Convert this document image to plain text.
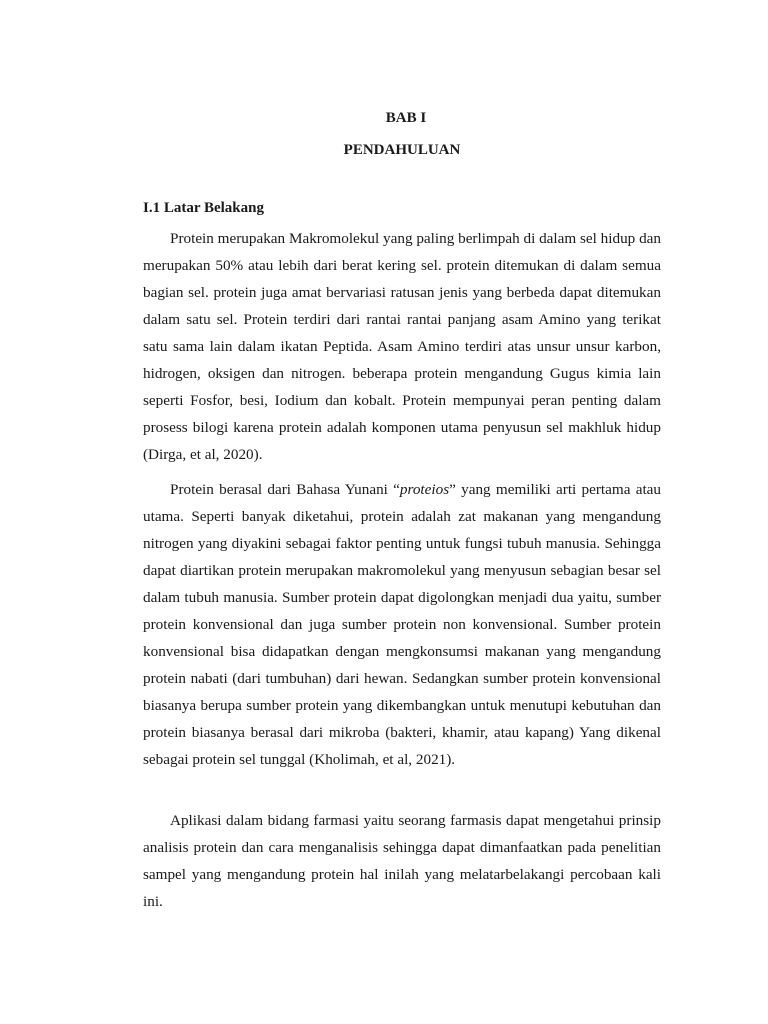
BAB I
PENDAHULUAN
I.1 Latar Belakang

Protein merupakan Makromolekul yang paling berlimpah di dalam sel hidup dan merupakan 50% atau lebih dari berat kering sel. protein ditemukan di dalam semua bagian sel. protein juga amat bervariasi ratusan jenis yang berbeda dapat ditemukan dalam satu sel. Protein terdiri dari rantai rantai panjang asam Amino yang terikat satu sama lain dalam ikatan Peptida. Asam Amino terdiri atas unsur unsur karbon, hidrogen, oksigen dan nitrogen. beberapa protein mengandung Gugus kimia lain seperti Fosfor, besi, Iodium dan kobalt. Protein mempunyai peran penting dalam prosess bilogi karena protein adalah komponen utama penyusun sel makhluk hidup (Dirga, et al, 2020).

Protein berasal dari Bahasa Yunani “proteios” yang memiliki arti pertama atau utama. Seperti banyak diketahui, protein adalah zat makanan yang mengandung nitrogen yang diyakini sebagai faktor penting untuk fungsi tubuh manusia. Sehingga dapat diartikan protein merupakan makromolekul yang menyusun sebagian besar sel dalam tubuh manusia. Sumber protein dapat digolongkan menjadi dua yaitu, sumber protein konvensional dan juga sumber protein non konvensional. Sumber protein konvensional bisa didapatkan dengan mengkonsumsi makanan yang mengandung protein nabati (dari tumbuhan) dari hewan. Sedangkan sumber protein konvensional biasanya berupa sumber protein yang dikembangkan untuk menutupi kebutuhan dan protein biasanya berasal dari mikroba (bakteri, khamir, atau kapang) Yang dikenal sebagai protein sel tunggal (Kholimah, et al, 2021).

Aplikasi dalam bidang farmasi yaitu seorang farmasis dapat mengetahui prinsip analisis protein dan cara menganalisis sehingga dapat dimanfaatkan pada penelitian sampel yang mengandung protein hal inilah yang melatarbelakangi percobaan kali ini.
